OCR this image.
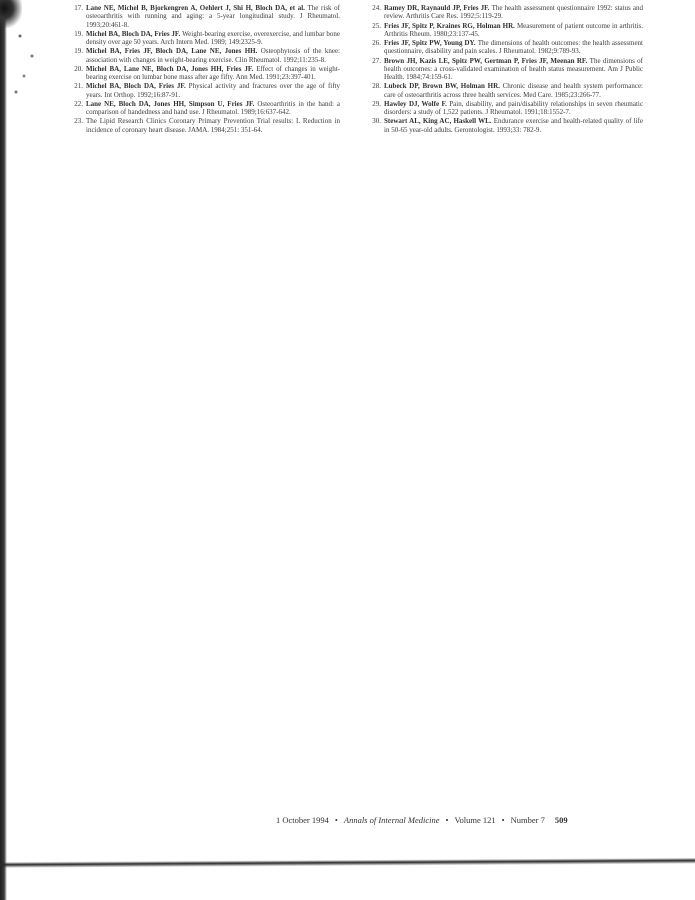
17. Lane NE, Michel B, Bjorkengren A, Oehlert J, Shi H, Bloch DA, et al. The risk of osteoarthritis with running and aging: a 5-year longitudinal study. J Rheumatol. 1993;20:461-8.
19. Michel BA, Bloch DA, Fries JF. Weight-bearing exercise, overexercise, and lumbar bone density over age 50 years. Arch Intern Med. 1989; 149:2325-9.
19. Michel BA, Fries JF, Bloch DA, Lane NE, Jones HH. Osteophytosis of the knee: association with changes in weight-bearing exercise. Clin Rheumatol. 1992;11:235-8.
20. Michel BA, Lane NE, Bloch DA, Jones HH, Fries JF. Effect of changes in weight-bearing exercise on lumbar bone mass after age fifty. Ann Med. 1991;23:397-401.
21. Michel BA, Bloch DA, Fries JF. Physical activity and fractures over the age of fifty years. Int Orthop. 1992;16:87-91.
22. Lane NE, Bloch DA, Jones HH, Simpson U, Fries JF. Osteoarthritis in the hand: a comparison of handedness and hand use. J Rheumatol. 1989;16:637-642.
23. The Lipid Research Clinics Coronary Primary Prevention Trial results: I. Reduction in incidence of coronary heart disease. JAMA. 1984;251: 351-64.
24. Ramey DR, Raynauld JP, Fries JF. The health assessment questionnaire 1992: status and review. Arthritis Care Res. 1992;5:119-29.
25. Fries JF, Spitz P, Kraines RG, Holman HR. Measurement of patient outcome in arthritis. Arthritis Rheum. 1980;23:137-45.
26. Fries JF, Spitz PW, Young DY. The dimensions of health outcomes: the health assessment questionnaire, disability and pain scales. J Rheumatol. 1982;9:789-93.
27. Brown JH, Kazis LE, Spitz PW, Gertman P, Fries JF, Meenan RF. The dimensions of health outcomes: a cross-validated examination of health status measurement. Am J Public Health. 1984;74:159-61.
28. Lubeck DP, Brown BW, Holman HR. Chronic disease and health system performance: care of osteoarthritis across three health services. Med Care. 1985;23:266-77.
29. Hawley DJ, Wolfe F. Pain, disability, and pain/disability relationships in seven rheumatic disorders: a study of 1,522 patients. J Rheumatol. 1991;18:1552-7.
30. Stewart AL, King AC, Haskell WL. Endurance exercise and health-related quality of life in 50-65 year-old adults. Gerontologist. 1993;33: 782-9.
1 October 1994 • Annals of Internal Medicine • Volume 121 • Number 7 509
